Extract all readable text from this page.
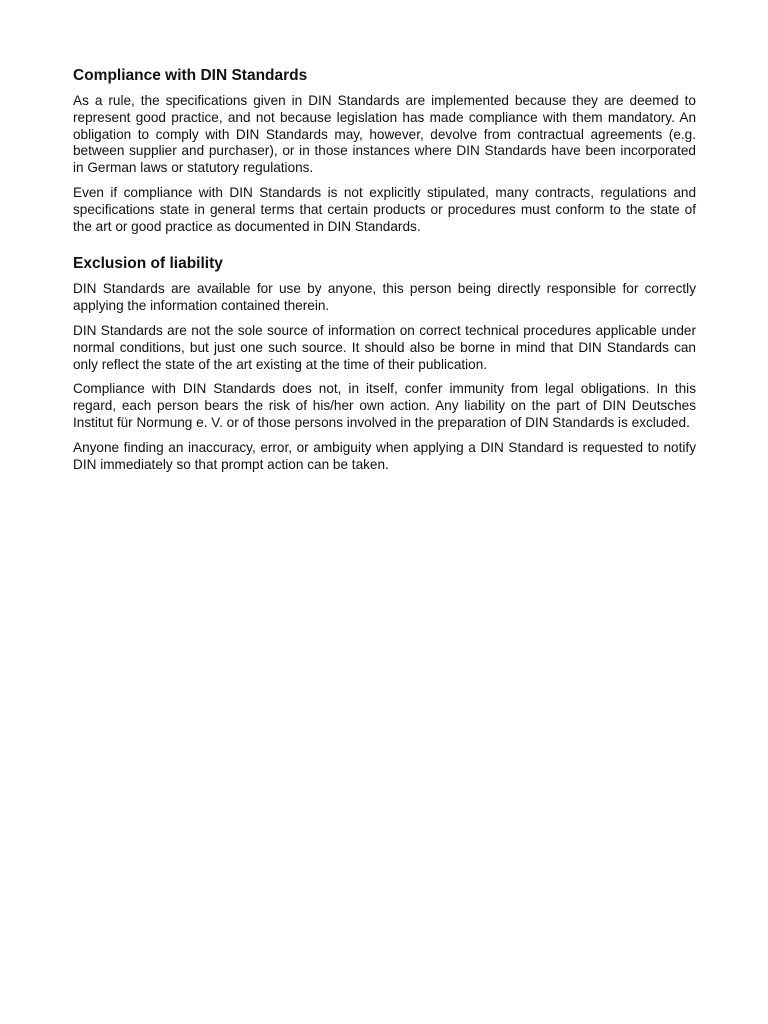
Compliance with DIN Standards

As a rule, the specifications given in DIN Standards are implemented because they are deemed to represent good practice, and not because legislation has made compliance with them mandatory. An obligation to comply with DIN Standards may, however, devolve from contractual agreements (e.g. between supplier and purchaser), or in those instances where DIN Standards have been incorporated in German laws or statutory regulations.

Even if compliance with DIN Standards is not explicitly stipulated, many contracts, regulations and specifications state in general terms that certain products or procedures must conform to the state of the art or good practice as documented in DIN Standards.

Exclusion of liability

DIN Standards are available for use by anyone, this person being directly responsible for correctly applying the information contained therein.

DIN Standards are not the sole source of information on correct technical procedures applicable under normal conditions, but just one such source. It should also be borne in mind that DIN Standards can only reflect the state of the art existing at the time of their publication.

Compliance with DIN Standards does not, in itself, confer immunity from legal obligations. In this regard, each person bears the risk of his/her own action. Any liability on the part of DIN Deutsches Institut für Normung e. V. or of those persons involved in the preparation of DIN Standards is excluded.

Anyone finding an inaccuracy, error, or ambiguity when applying a DIN Standard is requested to notify DIN immediately so that prompt action can be taken.
